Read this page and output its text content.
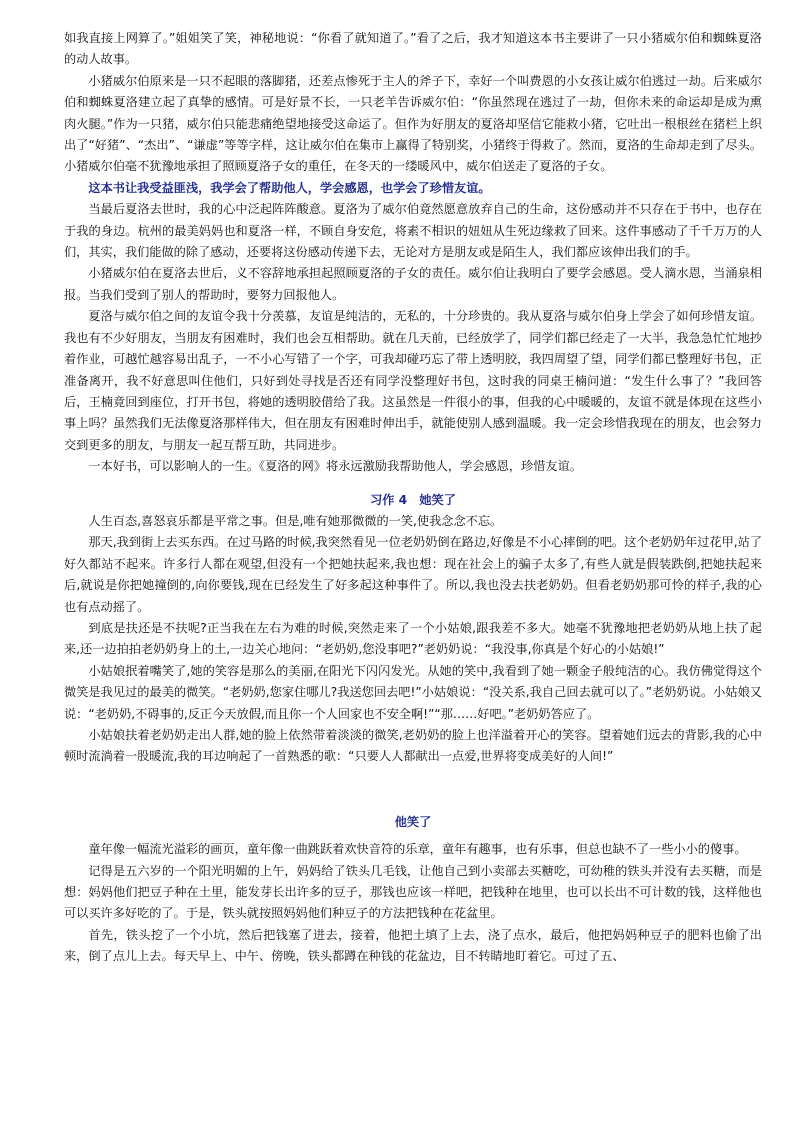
如我直接上网算了。”姐姐笑了笑，神秘地说：“你看了就知道了。”看了之后，我才知道这本书主要讲了一只小猪威尔伯和蜘蛛夏洛的动人故事。

小猪威尔伯原来是一只不起眼的落脚猪，还差点惨死于主人的斧子下，幸好一个叫费恩的小女孩让威尔伯逃过一劫。后来威尔伯和蜘蛛夏洛建立起了真挚的感情。可是好景不长，一只老羊告诉威尔伯：“你虽然现在逃过了一劫，但你未来的命运却是成为熏肉火腿。”作为一只猪，威尔伯只能悲痛绝望地接受这命运了。但作为好朋友的夏洛却坚信它能救小猪，它吐出一根根丝在猪栏上织出了“好猪”、“杰出”、“谦虚”等等字样，这让威尔伯在集市上赢得了特别奖，小猪终于得救了。然而，夏洛的生命却走到了尽头。小猪威尔伯毫不犹豫地承担了照顾夏洛子女的重任，在冬天的一缕暖风中，威尔伯送走了夏洛的子女。

这本书让我受益匪浅，我学会了帮助他人，学会感恩，也学会了珍惜友谊。

当最后夏洛去世时，我的心中泛起阵阵酸意。夏洛为了威尔伯竟然愿意放弃自己的生命，这份感动并不只存在于书中，也存在于我的身边。杭州的最美妈妈也和夏洛一样，不顾自身安危，将素不相识的妞妞从生死边缘救了回来。这件事感动了千千万万的人们，其实，我们能做的除了感动，还要将这份感动传递下去，无论对方是朋友或是陌生人，我们都应该伸出我们的手。

小猪威尔伯在夏洛去世后，义不容辞地承担起照顾夏洛的子女的责任。威尔伯让我明白了要学会感恩。受人滴水恩，当涌泉相报。当我们受到了别人的帮助时，要努力回报他人。

夏洛与威尔伯之间的友谊令我十分羡慕，友谊是纯洁的，无私的，十分珍贵的。我从夏洛与威尔伯身上学会了如何珍惜友谊。我也有不少好朋友，当朋友有困难时，我们也会互相帮助。就在几天前，已经放学了，同学们都已经走了一大半，我急急忙忙地抄着作业，可越忙越容易出乱子，一不小心写错了一个字，可我却碰巧忘了带上透明胶，我四周望了望，同学们都已整理好书包，正准备离开，我不好意思叫住他们，只好到处寻找是否还有同学没整理好书包，这时我的同桌王楠问道：“发生什么事了？”我回答后，王楠竟回到座位，打开书包，将她的透明胶借给了我。这虽然是一件很小的事，但我的心中暖暖的，友谊不就是体现在这些小事上吗？虽然我们无法像夏洛那样伟大，但在朋友有困难时伸出手，就能使别人感到温暖。我一定会珍惜我现在的朋友，也会努力交到更多的朋友，与朋友一起互帮互助，共同进步。

一本好书，可以影响人的一生。《夏洛的网》将永远激励我帮助他人，学会感恩，珍惜友谊。

习作 4　她笑了

人生百态,喜怒哀乐都是平常之事。但是,唯有她那微微的一笑,使我念念不忘。

那天,我到街上去买东西。在过马路的时候,我突然看见一位老奶奶倒在路边,好像是不小心摔倒的吧。这个老奶奶年过花甲,站了好久都站不起来。许多行人都在观望,但没有一个把她扶起来,我也想：现在社会上的骗子太多了,有些人就是假装跌倒,把她扶起来后,就说是你把她撞倒的,向你要钱,现在已经发生了好多起这种事件了。所以,我也没去扶老奶奶。但看老奶奶那可怜的样子,我的心也有点动摇了。

到底是扶还是不扶呢?正当我在左右为难的时候,突然走来了一个小姑娘,跟我差不多大。她毫不犹豫地把老奶奶从地上扶了起来,还一边拍拍老奶奶身上的土,一边关心地问：“老奶奶,您没事吧?”老奶奶说：“我没事,你真是个好心的小姑娘!”

小姑娘抿着嘴笑了,她的笑容是那么的美丽,在阳光下闪闪发光。从她的笑中,我看到了她一颗金子般纯洁的心。我仿佛觉得这个微笑是我见过的最美的微笑。“老奶奶,您家住哪儿?我送您回去吧!”小姑娘说：“没关系,我自己回去就可以了。”老奶奶说。小姑娘又说：“老奶奶,不碍事的,反正今天放假,而且你一个人回家也不安全啊!”“那……好吧。”老奶奶答应了。

小姑娘扶着老奶奶走出人群,她的脸上依然带着淡淡的微笑,老奶奶的脸上也洋溢着开心的笑容。望着她们远去的背影,我的心中顿时流淌着一股暖流,我的耳边响起了一首熟悉的歌：“只要人人都献出一点爱,世界将变成美好的人间!”

他笑了

童年像一幅流光溢彩的画页，童年像一曲跳跃着欢快音符的乐章，童年有趣事，也有乐事，但总也缺不了一些小小的傻事。

记得是五六岁的一个阳光明媚的上午，妈妈给了铁头几毛钱，让他自己到小卖部去买糖吃，可幼稚的铁头并没有去买糖，而是想：妈妈他们把豆子种在土里，能发芽长出许多的豆子，那钱也应该一样吧，把钱种在地里，也可以长出不可计数的钱，这样他也可以买许多好吃的了。于是，铁头就按照妈妈他们种豆子的方法把钱种在花盆里。

首先，铁头挖了一个小坑，然后把钱塞了进去，接着，他把土填了上去，浇了点水，最后，他把妈妈种豆子的肥料也偷了出来，倒了点儿上去。每天早上、中午、傍晚，铁头都蹲在种钱的花盆边，目不转睛地盯着它。可过了五、
